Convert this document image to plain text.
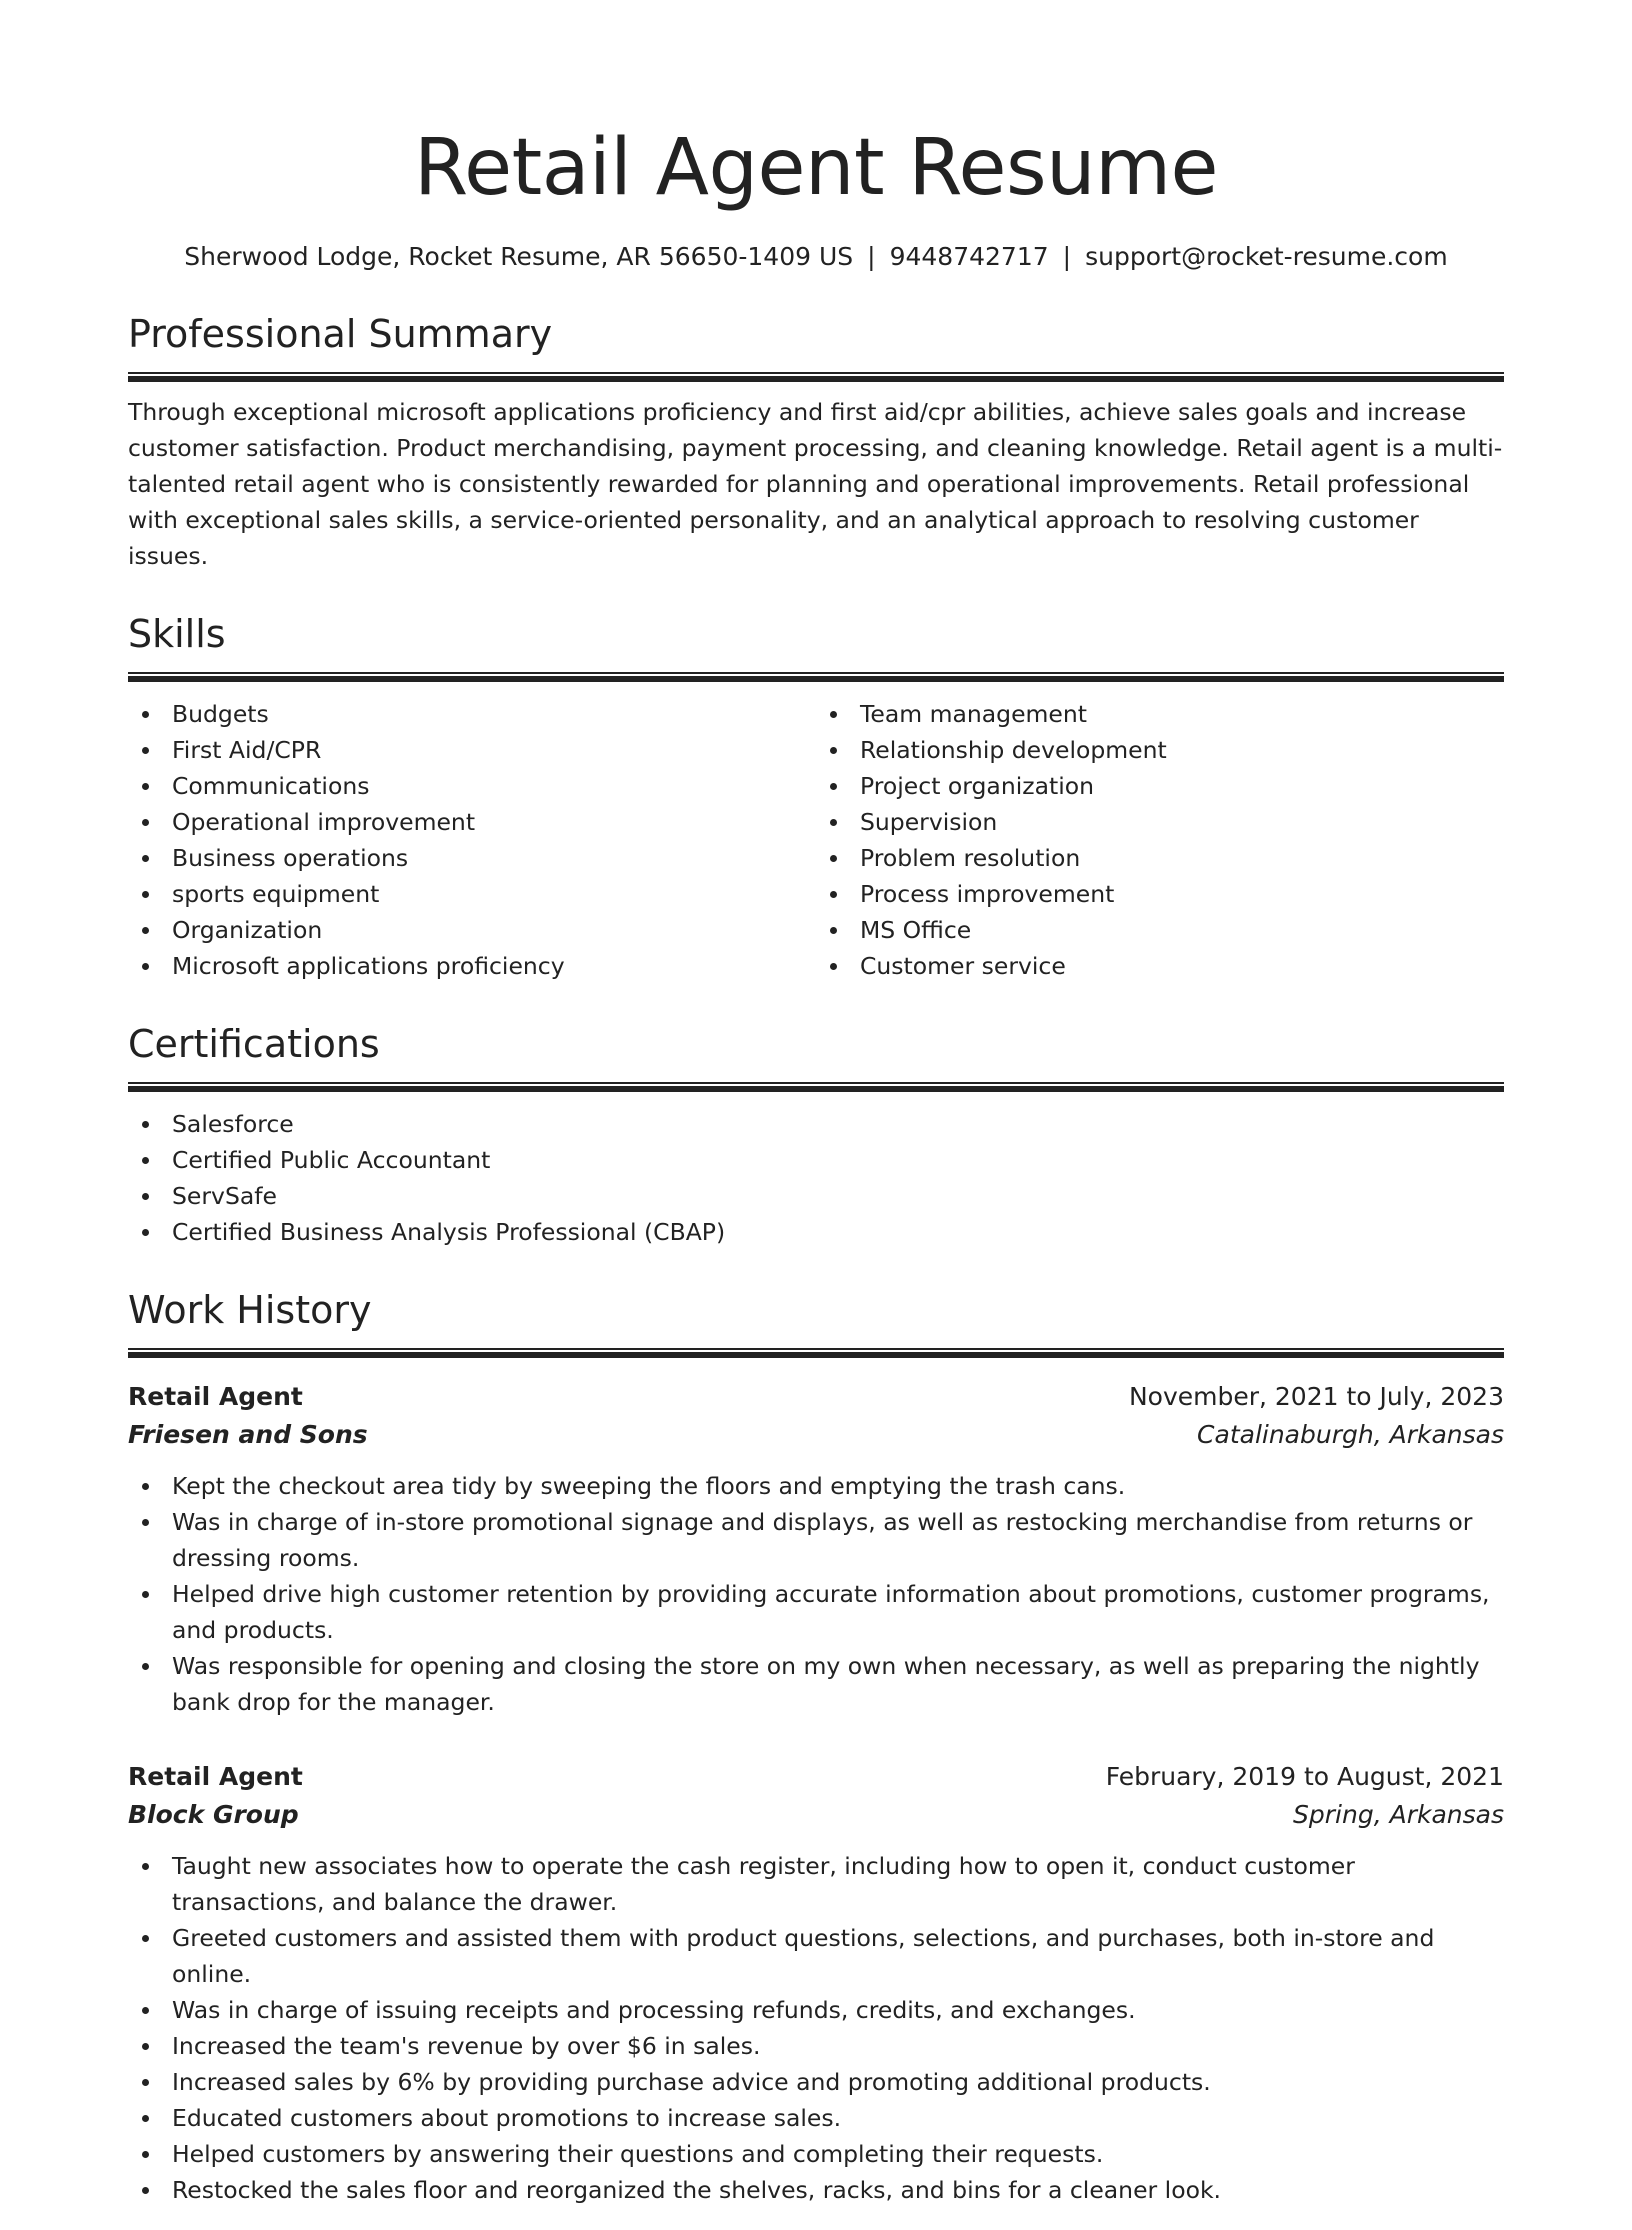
Retail Agent Resume
Sherwood Lodge, Rocket Resume, AR 56650-1409 US | 9448742717 | support@rocket-resume.com
Professional Summary

Through exceptional microsoft applications proficiency and first aid/cpr abilities, achieve sales goals and increase customer satisfaction. Product merchandising, payment processing, and cleaning knowledge. Retail agent is a multi-talented retail agent who is consistently rewarded for planning and operational improvements. Retail professional with exceptional sales skills, a service-oriented personality, and an analytical approach to resolving customer issues.

Skills
Budgets
First Aid/CPR
Communications
Operational improvement
Business operations
sports equipment
Organization
Microsoft applications proficiency
Team management
Relationship development
Project organization
Supervision
Problem resolution
Process improvement
MS Office
Customer service
Certifications
Salesforce
Certified Public Accountant
ServSafe
Certified Business Analysis Professional (CBAP)
Work History
Retail Agent	November, 2021 to July, 2023
Friesen and Sons	Catalinaburgh, Arkansas
Kept the checkout area tidy by sweeping the floors and emptying the trash cans.
Was in charge of in-store promotional signage and displays, as well as restocking merchandise from returns or dressing rooms.
Helped drive high customer retention by providing accurate information about promotions, customer programs, and products.
Was responsible for opening and closing the store on my own when necessary, as well as preparing the nightly bank drop for the manager.
Retail Agent	February, 2019 to August, 2021
Block Group	Spring, Arkansas
Taught new associates how to operate the cash register, including how to open it, conduct customer transactions, and balance the drawer.
Greeted customers and assisted them with product questions, selections, and purchases, both in-store and online.
Was in charge of issuing receipts and processing refunds, credits, and exchanges.
Increased the team's revenue by over $6 in sales.
Increased sales by 6% by providing purchase advice and promoting additional products.
Educated customers about promotions to increase sales.
Helped customers by answering their questions and completing their requests.
Restocked the sales floor and reorganized the shelves, racks, and bins for a cleaner look.
